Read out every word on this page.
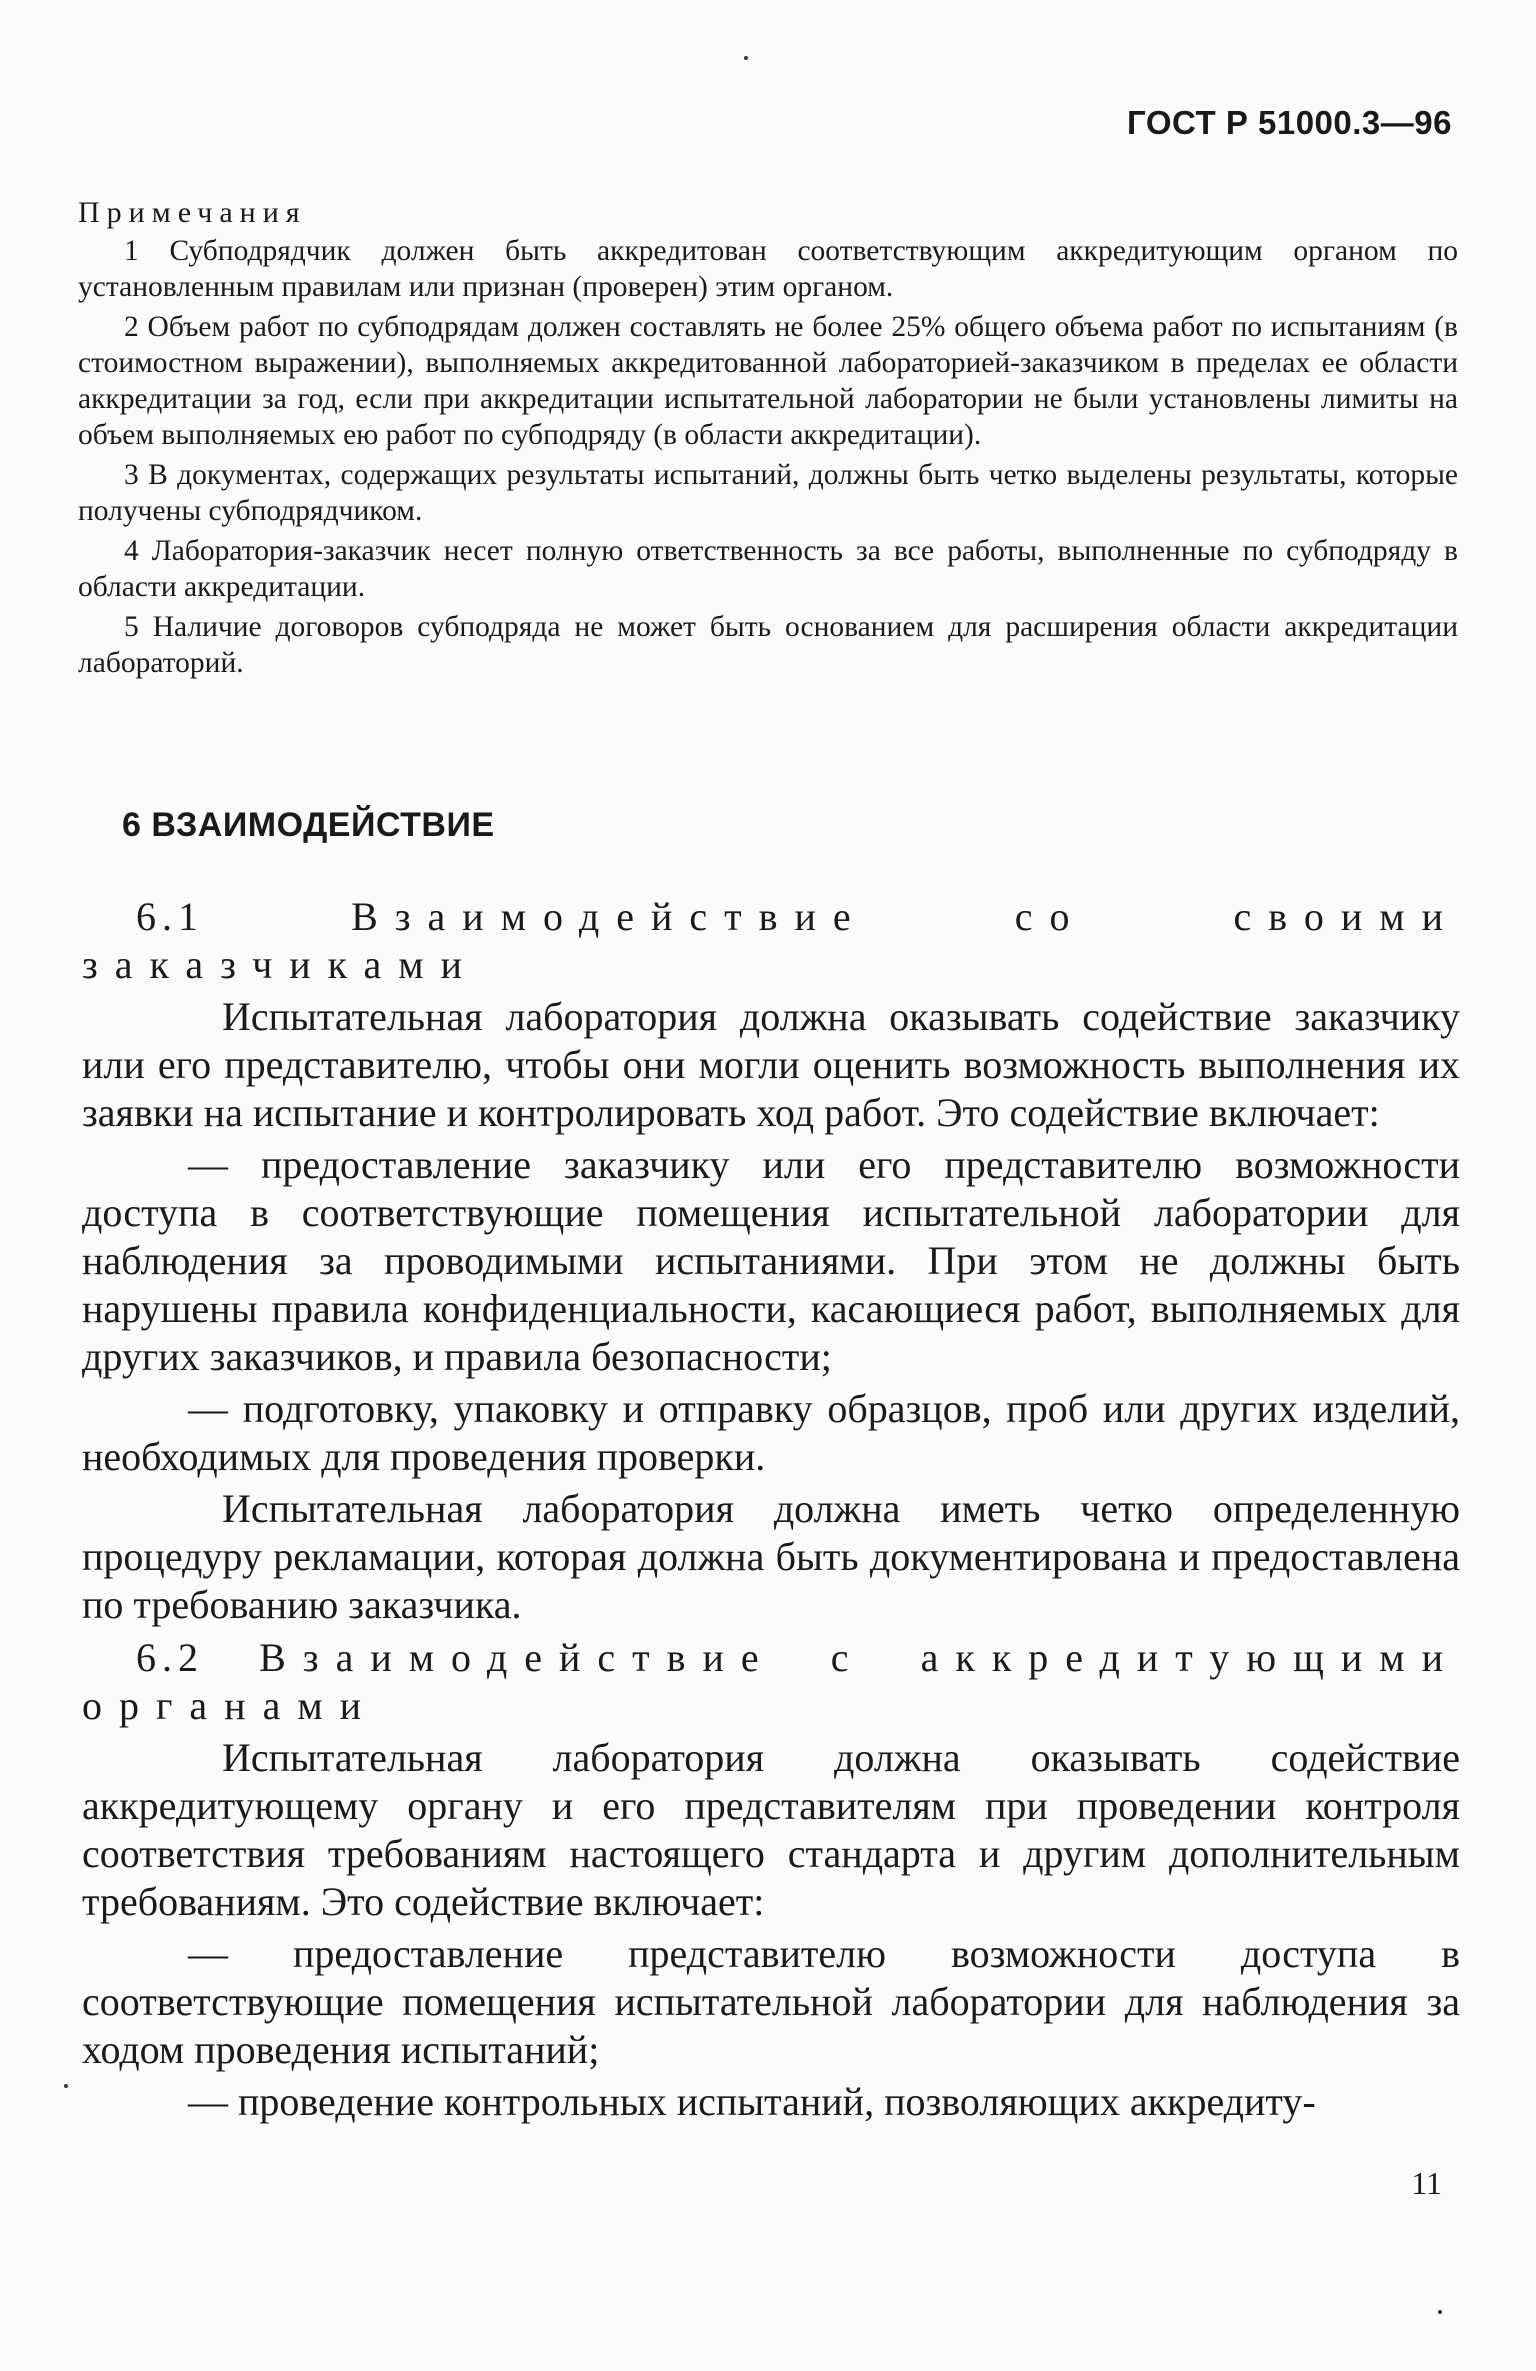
ГОСТ Р 51000.3—96
Примечания

1 Субподрядчик должен быть аккредитован соответствующим аккредитующим органом по установленным правилам или признан (проверен) этим органом.

2 Объем работ по субподрядам должен составлять не более 25% общего объема работ по испытаниям (в стоимостном выражении), выполняемых аккредитованной лабораторией-заказчиком в пределах ее области аккредитации за год, если при аккредитации испытательной лаборатории не были установлены лимиты на объем выполняемых ею работ по субподряду (в области аккредитации).

3 В документах, содержащих результаты испытаний, должны быть четко выделены результаты, которые получены субподрядчиком.

4 Лаборатория-заказчик несет полную ответственность за все работы, выполненные по субподряду в области аккредитации.

5 Наличие договоров субподряда не может быть основанием для расширения области аккредитации лабораторий.

6 ВЗАИМОДЕЙСТВИЕ

6.1	Взаимодействие со своими заказчиками

Испытательная лаборатория должна оказывать содействие заказчику или его представителю, чтобы они могли оценить возможность выполнения их заявки на испытание и контролировать ход работ. Это содействие включает:

— предоставление заказчику или его представителю возможности доступа в соответствующие помещения испытательной лаборатории для наблюдения за проводимыми испытаниями. При этом не должны быть нарушены правила конфиденциальности, касающиеся работ, выполняемых для других заказчиков, и правила безопасности;

— подготовку, упаковку и отправку образцов, проб или других изделий, необходимых для проведения проверки.

Испытательная лаборатория должна иметь четко определенную процедуру рекламации, которая должна быть документирована и предоставлена по требованию заказчика.

6.2 Взаимодействие с аккредитующими органами

Испытательная лаборатория должна оказывать содействие аккредитующему органу и его представителям при проведении контроля соответствия требованиям настоящего стандарта и другим дополнительным требованиям. Это содействие включает:

— предоставление представителю возможности доступа в соответствующие помещения испытательной лаборатории для наблюдения за ходом проведения испытаний;

— проведение контрольных испытаний, позволяющих аккредиту-

11
